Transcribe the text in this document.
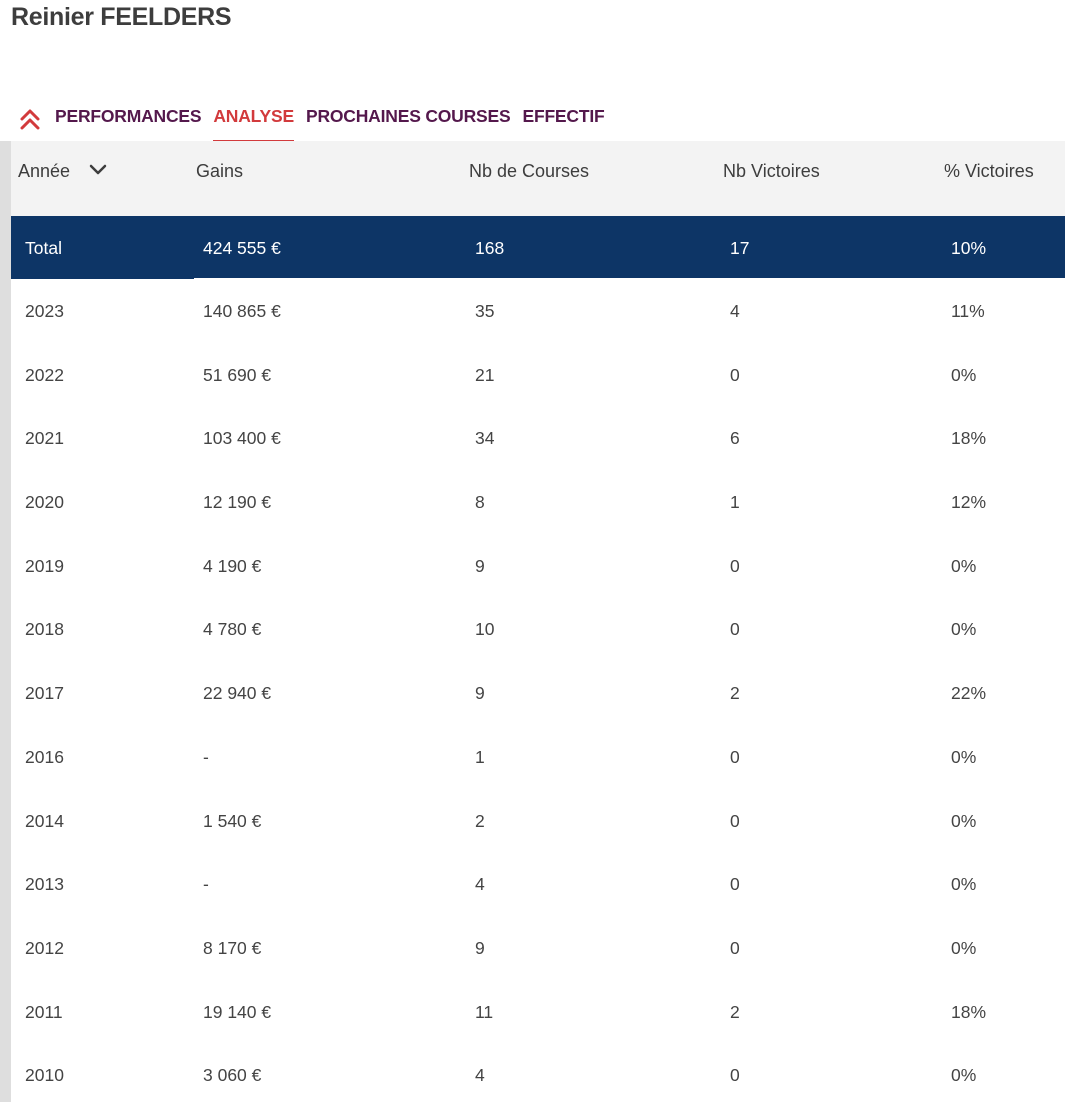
Reinier FEELDERS
PERFORMANCES ANALYSE PROCHAINES COURSES EFFECTIF
Année	Gains	Nb de Courses	Nb Victoires	% Victoires
Total	424 555 €	168	17	10%
2023	140 865 €	35	4	11%
2022	51 690 €	21	0	0%
2021	103 400 €	34	6	18%
2020	12 190 €	8	1	12%
2019	4 190 €	9	0	0%
2018	4 780 €	10	0	0%
2017	22 940 €	9	2	22%
2016	-	1	0	0%
2014	1 540 €	2	0	0%
2013	-	4	0	0%
2012	8 170 €	9	0	0%
2011	19 140 €	11	2	18%
2010	3 060 €	4	0	0%
